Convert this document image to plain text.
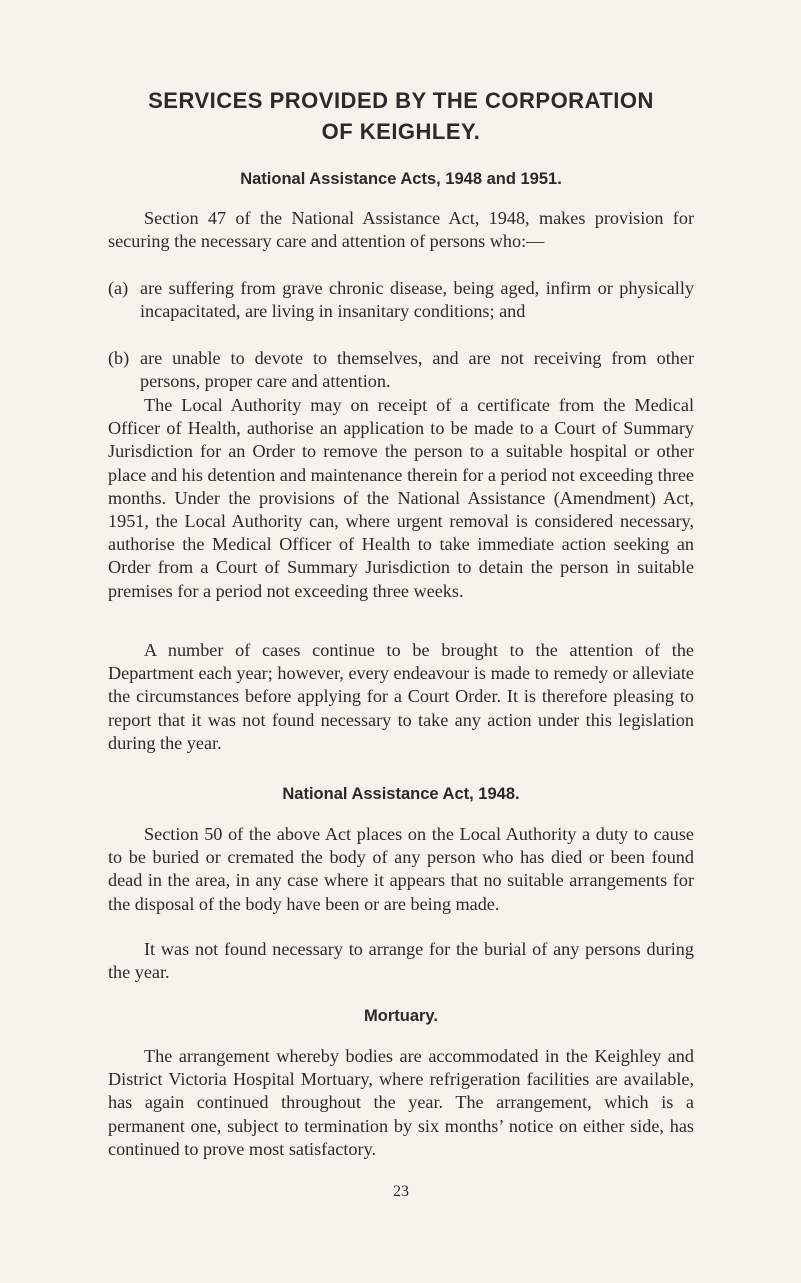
SERVICES PROVIDED BY THE CORPORATION
OF KEIGHLEY.
National Assistance Acts, 1948 and 1951.

Section 47 of the National Assistance Act, 1948, makes provision for securing the necessary care and attention of persons who:—

(a) are suffering from grave chronic disease, being aged, infirm or physically incapacitated, are living in insanitary conditions; and
(b) are unable to devote to themselves, and are not receiving from other persons, proper care and attention.

The Local Authority may on receipt of a certificate from the Medical Officer of Health, authorise an application to be made to a Court of Summary Jurisdiction for an Order to remove the person to a suitable hospital or other place and his detention and maintenance therein for a period not exceeding three months. Under the provisions of the National Assistance (Amendment) Act, 1951, the Local Authority can, where urgent removal is considered necessary, authorise the Medical Officer of Health to take immediate action seeking an Order from a Court of Summary Jurisdiction to detain the person in suitable premises for a period not exceeding three weeks.

A number of cases continue to be brought to the attention of the Department each year; however, every endeavour is made to remedy or alleviate the circumstances before applying for a Court Order. It is therefore pleasing to report that it was not found necessary to take any action under this legislation during the year.

National Assistance Act, 1948.

Section 50 of the above Act places on the Local Authority a duty to cause to be buried or cremated the body of any person who has died or been found dead in the area, in any case where it appears that no suitable arrangements for the disposal of the body have been or are being made.

It was not found necessary to arrange for the burial of any persons during the year.

Mortuary.

The arrangement whereby bodies are accommodated in the Keighley and District Victoria Hospital Mortuary, where refrigeration facilities are available, has again continued throughout the year. The arrangement, which is a permanent one, subject to termination by six months’ notice on either side, has continued to prove most satisfactory.

23
